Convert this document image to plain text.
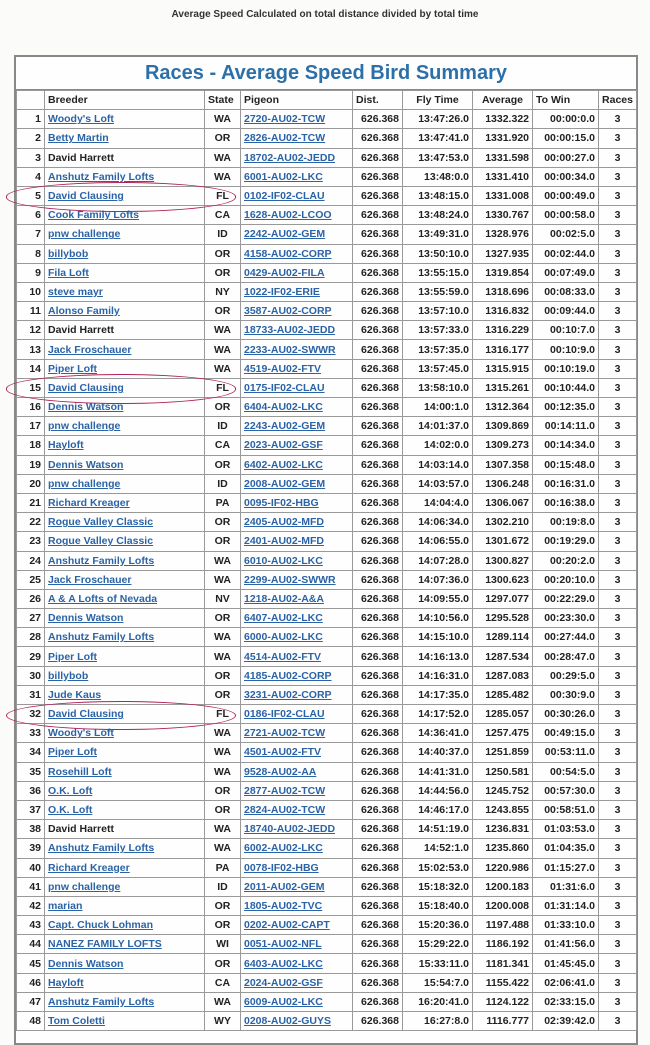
Average Speed Calculated on total distance divided by total time
Races - Average Speed Bird Summary
	Breeder	State	Pigeon	Dist.	Fly Time	Average	To Win	Races
1	Woody's Loft	WA	2720-AU02-TCW	626.368	13:47:26.0	1332.322	00:00:0.0	3
2	Betty Martin	OR	2826-AU02-TCW	626.368	13:47:41.0	1331.920	00:00:15.0	3
3	David Harrett	WA	18702-AU02-JEDD	626.368	13:47:53.0	1331.598	00:00:27.0	3
4	Anshutz Family Lofts	WA	6001-AU02-LKC	626.368	13:48:0.0	1331.410	00:00:34.0	3
5	David Clausing	FL	0102-IF02-CLAU	626.368	13:48:15.0	1331.008	00:00:49.0	3
6	Cook Family Lofts	CA	1628-AU02-LCOO	626.368	13:48:24.0	1330.767	00:00:58.0	3
7	pnw challenge	ID	2242-AU02-GEM	626.368	13:49:31.0	1328.976	00:02:5.0	3
8	billybob	OR	4158-AU02-CORP	626.368	13:50:10.0	1327.935	00:02:44.0	3
9	Fila Loft	OR	0429-AU02-FILA	626.368	13:55:15.0	1319.854	00:07:49.0	3
10	steve mayr	NY	1022-IF02-ERIE	626.368	13:55:59.0	1318.696	00:08:33.0	3
11	Alonso Family	OR	3587-AU02-CORP	626.368	13:57:10.0	1316.832	00:09:44.0	3
12	David Harrett	WA	18733-AU02-JEDD	626.368	13:57:33.0	1316.229	00:10:7.0	3
13	Jack Froschauer	WA	2233-AU02-SWWR	626.368	13:57:35.0	1316.177	00:10:9.0	3
14	Piper Loft	WA	4519-AU02-FTV	626.368	13:57:45.0	1315.915	00:10:19.0	3
15	David Clausing	FL	0175-IF02-CLAU	626.368	13:58:10.0	1315.261	00:10:44.0	3
16	Dennis Watson	OR	6404-AU02-LKC	626.368	14:00:1.0	1312.364	00:12:35.0	3
17	pnw challenge	ID	2243-AU02-GEM	626.368	14:01:37.0	1309.869	00:14:11.0	3
18	Hayloft	CA	2023-AU02-GSF	626.368	14:02:0.0	1309.273	00:14:34.0	3
19	Dennis Watson	OR	6402-AU02-LKC	626.368	14:03:14.0	1307.358	00:15:48.0	3
20	pnw challenge	ID	2008-AU02-GEM	626.368	14:03:57.0	1306.248	00:16:31.0	3
21	Richard Kreager	PA	0095-IF02-HBG	626.368	14:04:4.0	1306.067	00:16:38.0	3
22	Rogue Valley Classic	OR	2405-AU02-MFD	626.368	14:06:34.0	1302.210	00:19:8.0	3
23	Rogue Valley Classic	OR	2401-AU02-MFD	626.368	14:06:55.0	1301.672	00:19:29.0	3
24	Anshutz Family Lofts	WA	6010-AU02-LKC	626.368	14:07:28.0	1300.827	00:20:2.0	3
25	Jack Froschauer	WA	2299-AU02-SWWR	626.368	14:07:36.0	1300.623	00:20:10.0	3
26	A & A Lofts of Nevada	NV	1218-AU02-A&A	626.368	14:09:55.0	1297.077	00:22:29.0	3
27	Dennis Watson	OR	6407-AU02-LKC	626.368	14:10:56.0	1295.528	00:23:30.0	3
28	Anshutz Family Lofts	WA	6000-AU02-LKC	626.368	14:15:10.0	1289.114	00:27:44.0	3
29	Piper Loft	WA	4514-AU02-FTV	626.368	14:16:13.0	1287.534	00:28:47.0	3
30	billybob	OR	4185-AU02-CORP	626.368	14:16:31.0	1287.083	00:29:5.0	3
31	Jude Kaus	OR	3231-AU02-CORP	626.368	14:17:35.0	1285.482	00:30:9.0	3
32	David Clausing	FL	0186-IF02-CLAU	626.368	14:17:52.0	1285.057	00:30:26.0	3
33	Woody's Loft	WA	2721-AU02-TCW	626.368	14:36:41.0	1257.475	00:49:15.0	3
34	Piper Loft	WA	4501-AU02-FTV	626.368	14:40:37.0	1251.859	00:53:11.0	3
35	Rosehill Loft	WA	9528-AU02-AA	626.368	14:41:31.0	1250.581	00:54:5.0	3
36	O.K. Loft	OR	2877-AU02-TCW	626.368	14:44:56.0	1245.752	00:57:30.0	3
37	O.K. Loft	OR	2824-AU02-TCW	626.368	14:46:17.0	1243.855	00:58:51.0	3
38	David Harrett	WA	18740-AU02-JEDD	626.368	14:51:19.0	1236.831	01:03:53.0	3
39	Anshutz Family Lofts	WA	6002-AU02-LKC	626.368	14:52:1.0	1235.860	01:04:35.0	3
40	Richard Kreager	PA	0078-IF02-HBG	626.368	15:02:53.0	1220.986	01:15:27.0	3
41	pnw challenge	ID	2011-AU02-GEM	626.368	15:18:32.0	1200.183	01:31:6.0	3
42	marian	OR	1805-AU02-TVC	626.368	15:18:40.0	1200.008	01:31:14.0	3
43	Capt. Chuck Lohman	OR	0202-AU02-CAPT	626.368	15:20:36.0	1197.488	01:33:10.0	3
44	NANEZ FAMILY LOFTS	WI	0051-AU02-NFL	626.368	15:29:22.0	1186.192	01:41:56.0	3
45	Dennis Watson	OR	6403-AU02-LKC	626.368	15:33:11.0	1181.341	01:45:45.0	3
46	Hayloft	CA	2024-AU02-GSF	626.368	15:54:7.0	1155.422	02:06:41.0	3
47	Anshutz Family Lofts	WA	6009-AU02-LKC	626.368	16:20:41.0	1124.122	02:33:15.0	3
48	Tom Coletti	WY	0208-AU02-GUYS	626.368	16:27:8.0	1116.777	02:39:42.0	3
